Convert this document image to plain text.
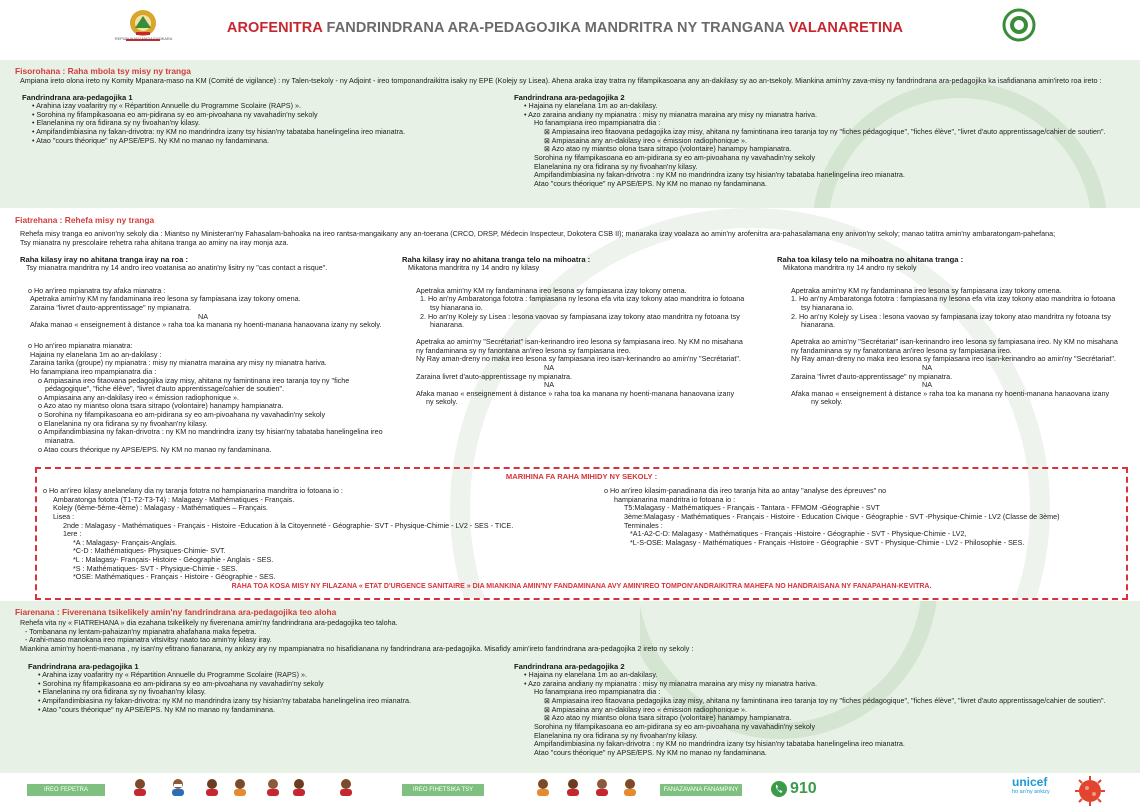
REPUBLIKAN'I MADAGASIKARA
AROFENITRA FANDRINDRANA ARA-PEDAGOJIKA MANDRITRA NY TRANGANA VALANARETINA
Fisorohana : Raha mbola tsy misy ny tranga

Ampiana ireto olona ireto ny Komity Mpanara-maso na KM (Comité de vigilance) : ny Talen-tsekoly - ny Adjoint - ireo tomponandraikitra isaky ny EPE (Kolejy sy Lisea). Ahena araka izay tratra ny fifampikasoana any an-dakilasy sy ao an-tsekoly. Miankina amin'ny zava-misy ny fandrindrana ara-pedagojika ka isafidianana amin'ireto roa ireto :

Fandrindrana ara-pedagojika 1

• Arahina izay voafaritry ny « Répartition Annuelle du Programme Scolaire (RAPS) ».

• Sorohina ny fifampikasoana eo am-pidirana sy eo am-pivoahana ny vavahadin'ny sekoly

• Elanelanina ny ora fidirana sy ny fivoahan'ny kilasy.

• Ampifandimbiasina ny fakan-drivotra: ny KM no mandrindra izany tsy hisian'ny tabataba hanelingelina ireo mianatra.

• Atao "cours théorique" ny APSE/EPS. Ny KM no manao ny fandaminana.

Fandrindrana ara-pedagojika 2

• Hajaina ny elanelana 1m ao an-dakilasy.

• Azo zaraina andiany ny mpianatra : misy ny mianatra maraina ary misy ny mianatra hariva.

Ho fanampiana ireo mpampianatra dia :

⊠ Ampiasaina ireo fitaovana pedagojika izay misy, ahitana ny famintinana ireo taranja toy ny "fiches pédagogique", "fiches élève", "livret d'auto apprentissage/cahier de soutien".

⊠ Ampiasaina any an-dakilasy ireo « émission radiophonique ».

⊠ Azo atao ny miantso olona tsara sitrapo (volontaire) hanampy hampianatra.

Sorohina ny fifampikasoana eo am-pidirana sy eo am-pivoahana ny vavahadin'ny sekoly

Elanelanina ny ora fidirana sy ny fivoahan'ny kilasy.

Ampifandimbiasina ny fakan-drivotra : ny KM no mandrindra izany tsy hisian'ny tabataba hanelingelina ireo mianatra.

Atao "cours théorique" ny APSE/EPS. Ny KM no manao ny fandaminana.

Fiatrehana : Rehefa misy ny tranga

Rehefa misy tranga eo anivon'ny sekoly dia : Miantso ny Ministeran'ny Fahasalam-bahoaka na ireo rantsa-mangaikany any an-toerana (CRCO, DRSP, Médecin Inspecteur, Dokotera CSB II); manaraka izay voalaza ao amin'ny arofenitra ara-pahasalamana eny anivon'ny sekoly; manao tatitra amin'ny ambaratongam-pahefana;

Tsy mianatra ny prescolaire rehetra raha ahitana tranga ao aminy na iray monja aza.

Raha kilasy iray no ahitana tranga iray na roa :

Tsy mianatra mandritra ny 14 andro ireo voatanisa ao anatin'ny lisitry ny "cas contact a risque".

o Ho an'ireo mpianatra tsy afaka mianatra :

Apetraka amin'ny KM ny fandaminana ireo lesona sy fampiasana izay tokony omena.

Zaraina "livret d'auto-apprentissage" ny mpianatra.

NA

Afaka manao « enseignement à distance » raha toa ka manana ny hoenti-manana hanaovana izany ny sekoly.

o Ho an'ireo mpianatra mianatra:

Hajaina ny elanelana 1m ao an-dakilasy :

Zaraina tarika (groupe) ny mpianatra : misy ny mianatra maraina ary misy ny mianatra hariva.

Ho fanampiana ireo mpampianatra dia :

o Ampiasaina ireo fitaovana pedagojika izay misy, ahitana ny famintinana ireo taranja toy ny "fiche

pédagogique", "fiche élève", "livret d'auto apprentissage/cahier de soutien".

o Ampiasaina any an-dakilasy ireo « émission radiophonique ».

o Azo atao ny miantso olona tsara sitrapo (volontaire) hanampy hampianatra.

o Sorohina ny fifampikasoana eo am-pidirana sy eo am-pivoahana ny vavahadin'ny sekoly

o Elanelanina ny ora fidirana sy ny fivoahan'ny kilasy.

o Ampifandimbiasina ny fakan-drivotra : ny KM no mandrindra izany tsy hisian'ny tabataba hanelingelina ireo

mianatra.

o Atao cours théorique ny APSE/EPS. Ny KM no manao ny fandaminana.

Raha kilasy iray no ahitana tranga telo na mihoatra :

Mikatona mandritra ny 14 andro ny kilasy

Apetraka amin'ny KM ny fandaminana ireo lesona sy fampiasana izay tokony omena.

1. Ho an'ny Ambaratonga fototra : fampiasana ny lesona efa vita izay tokony atao mandritra io fotoana

tsy hianarana io.

2. Ho an'ny Kolejy sy Lisea : lesona vaovao sy fampiasana izay tokony atao mandritra ny fotoana tsy

hianarana.

Apetraka ao amin'ny "Secrétariat" isan-kerinandro ireo lesona sy fampiasana ireo. Ny KM no misahana

ny fandaminana sy ny fanontana an'ireo lesona sy fampiasana ireo.

Ny Ray aman-dreny no maka ireo lesona sy fampiasana ireo isan-kerinandro ao amin'ny "Secrétariat".

NA

Zaraina livret d'auto-apprentissage ny mpianatra.

NA

Afaka manao « enseignement à distance » raha toa ka manana ny hoenti-manana hanaovana izany

ny sekoly.

Raha toa kilasy telo na mihoatra no ahitana tranga :

Mikatona mandritra ny 14 andro ny sekoly

Apetraka amin'ny KM ny fandaminana ireo lesona sy fampiasana izay tokony omena.

1. Ho an'ny Ambaratonga fototra : fampiasana ny lesona efa vita izay tokony atao mandritra io fotoana

tsy hianarana io.

2. Ho an'ny Kolejy sy Lisea : lesona vaovao sy fampiasana izay tokony atao mandritra ny fotoana tsy

hianarana.

Apetraka ao amin'ny "Secrétariat" isan-kerinandro ireo lesona sy fampiasana ireo. Ny KM no misahana

ny fandaminana sy ny fanatontana an'ireo lesona sy fampiasana ireo.

Ny Ray aman-dreny no maka ireo lesona sy fampiasana ireo isan-kerinandro ao amin'ny "Secrétariat".

NA

Zaraina "livret d'auto-apprentissage" ny mpianatra.

NA

Afaka manao « enseignement à distance » raha toa ka manana ny hoenti-manana hanaovana izany

ny sekoly.

MARIHINA FA RAHA MIHIDY NY SEKOLY :

o Ho an'ireo kilasy anelanelany dia ny taranja fototra no hampianarina mandritra io fotoana io :

Ambaratonga fototra (T1-T2-T3-T4) : Malagasy - Mathématiques - Français.

Kolejy (6ème-5ème-4ème) : Malagasy - Mathématiques – Français.

Lisea :

2nde : Malagasy - Mathématiques - Français - Histoire -Education à la Citoyenneté - Géographie- SVT - Physique-Chimie - LV2 - SES - TICE.

1ere :

*A : Malagasy- Français-Anglais.

*C-D : Mathématiques- Physiques-Chimie- SVT.

*L : Malagasy- Français- Histoire - Géographie - Anglais - SES.

*S : Mathématiques- SVT - Physique-Chimie - SES.

*OSE: Mathématiques - Français - Histoire - Géographie - SES.

o Ho an'ireo kilasim-panadinana dia ireo taranja hita ao antay "analyse des épreuves" no

hampianarina mandritra io fotoana io :

T5:Malagasy - Mathématiques - Français - Tantara - FFMOM -Géographie - SVT

3ème:Malagasy - Mathématiques - Français - Histoire - Education Civique - Géographie - SVT -Physique-Chimie - LV2 (Classe de 3ème)

Terminales :

*A1-A2-C-D: Malagasy - Mathématiques - Français -Histoire - Géographie - SVT - Physique-Chimie - LV2,

*L-S-OSE: Malagasy - Mathématiques - Français -Histoire - Géographie - SVT - Physique-Chimie - LV2 - Philosophie - SES.

RAHA TOA KOSA MISY NY FILAZANA « ETAT D'URGENCE SANITAIRE » DIA MIANKINA AMIN'NY FANDAMINANA AVY AMIN'IREO TOMPON'ANDRAIKITRA MAHEFA NO HANDRAISANA NY FANAPAHAN-KEVITRA.
Fiarenana : Fiverenana tsikelikely amin'ny fandrindrana ara-pedagojika teo aloha

Rehefa vita ny « FIATREHANA » dia ezahana tsikelikely ny fiverenana amin'ny fandrindrana ara-pedagojika teo taloha.

- Tombanana ny lentam-pahaizan'ny mpianatra ahafahana maka fepetra.

- Arahi-maso manokana ireo mpianatra vitsivitsy naato tao amin'ny kilasy iray.

Miankina amin'ny hoenti-manana , ny isan'ny efitrano fianarana, ny ankizy ary ny mpampianatra no hisafidianana ny fandrindrana ara-pedagojika. Misafidy amin'ireto fandrindrana ara-pedagojika 2 ireto ny sekoly :

Fandrindrana ara-pedagojika 1

• Arahina izay voafaritry ny « Répartition Annuelle du Programme Scolaire (RAPS) ».

• Sorohina ny fifampikasoana eo am-pidirana sy eo am-pivoahana ny vavahadin'ny sekoly

• Elanelanina ny ora fidirana sy ny fivoahan'ny kilasy.

• Ampifandimbiasina ny fakan-drivotra: ny KM no mandrindra izany tsy hisian'ny tabataba hanelingelina ireo mianatra.

• Atao "cours théorique" ny APSE/EPS. Ny KM no manao ny fandaminana.

Fandrindrana ara-pedagojika 2

• Hajaina ny elanelana 1m ao an-dakilasy.

• Azo zaraina andiany ny mpianatra : misy ny mianatra maraina ary misy ny mianatra hariva.

Ho fanampiana ireo mpampianatra dia :

⊠ Ampiasaina ireo fitaovana pedagojika izay misy, ahitana ny famintinana ireo taranja toy ny "fiches pédagogique", "fiches élève", "livret d'auto apprentissage/cahier de soutien".

⊠ Ampiasaina any an-dakilasy ireo « émission radiophonique ».

⊠ Azo atao ny miantso olona tsara sitrapo (volontaire) hanampy hampianatra.

Sorohina ny fifampikasoana eo am-pidirana sy eo am-pivoahana ny vavahadin'ny sekoly

Elanelanina ny ora fidirana sy ny fivoahan'ny kilasy.

Ampifandimbiasina ny fakan-drivotra : ny KM no mandrindra izany tsy hisian'ny tabataba hanelingelina ireo mianatra.

Atao "cours théorique" ny APSE/EPS. Ny KM no manao ny fandaminana.

IREO FEPETRA FIAROVANA
IREO FIHETSIKA TSY SORITRA
FANAZAVANA FANAMPINY	910	unicef
ho an'ny ankizy
